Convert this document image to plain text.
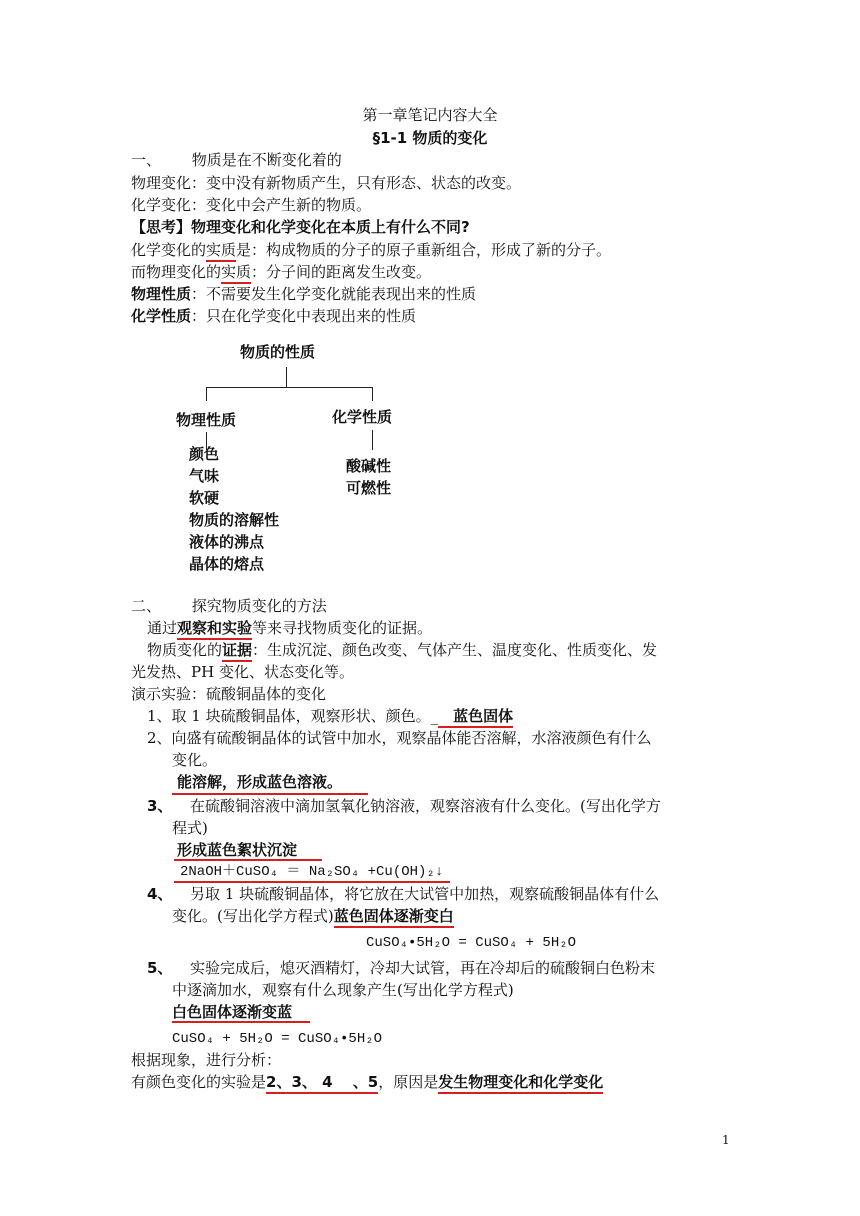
第一章笔记内容大全
§1-1 物质的变化
一、 物质是在不断变化着的
物理变化：变中没有新物质产生，只有形态、状态的改变。
化学变化：变化中会产生新的物质。
【思考】物理变化和化学变化在本质上有什么不同?
化学变化的实质是：构成物质的分子的原子重新组合，形成了新的分子。
而物理变化的实质：分子间的距离发生改变。
物理性质：不需要发生化学变化就能表现出来的性质
化学性质：只在化学变化中表现出来的性质
物质的性质
物理性质	化学性质
颜色
气味
软硬
物质的溶解性
液体的沸点
晶体的熔点
酸碱性
可燃性
二、 探究物质变化的方法
通过观察和实验等来寻找物质变化的证据。
物质变化的证据：生成沉淀、颜色改变、气体产生、温度变化、性质变化、发
光发热、PH 变化、状态变化等。
演示实验：硫酸铜晶体的变化
1、取 1 块硫酸铜晶体，观察形状、颜色。_　蓝色固体
2、向盛有硫酸铜晶体的试管中加水，观察晶体能否溶解，水溶液颜色有什么
变化。
能溶解，形成蓝色溶液。
3、 在硫酸铜溶液中滴加氢氧化钠溶液，观察溶液有什么变化。(写出化学方
程式)
形成蓝色絮状沉淀
2NaOH＋CuSO₄ ＝ Na₂SO₄ +Cu(OH)₂↓
4、 另取 1 块硫酸铜晶体，将它放在大试管中加热，观察硫酸铜晶体有什么
变化。(写出化学方程式)蓝色固体逐渐变白
CuSO₄•5H₂O = CuSO₄ + 5H₂O
5、 实验完成后，熄灭酒精灯，冷却大试管，再在冷却后的硫酸铜白色粉末
中逐滴加水，观察有什么现象产生(写出化学方程式)
白色固体逐渐变蓝
CuSO₄ + 5H₂O = CuSO₄•5H₂O
根据现象，进行分析：
有颜色变化的实验是2、3、 4　 、5，原因是发生物理变化和化学变化
1
